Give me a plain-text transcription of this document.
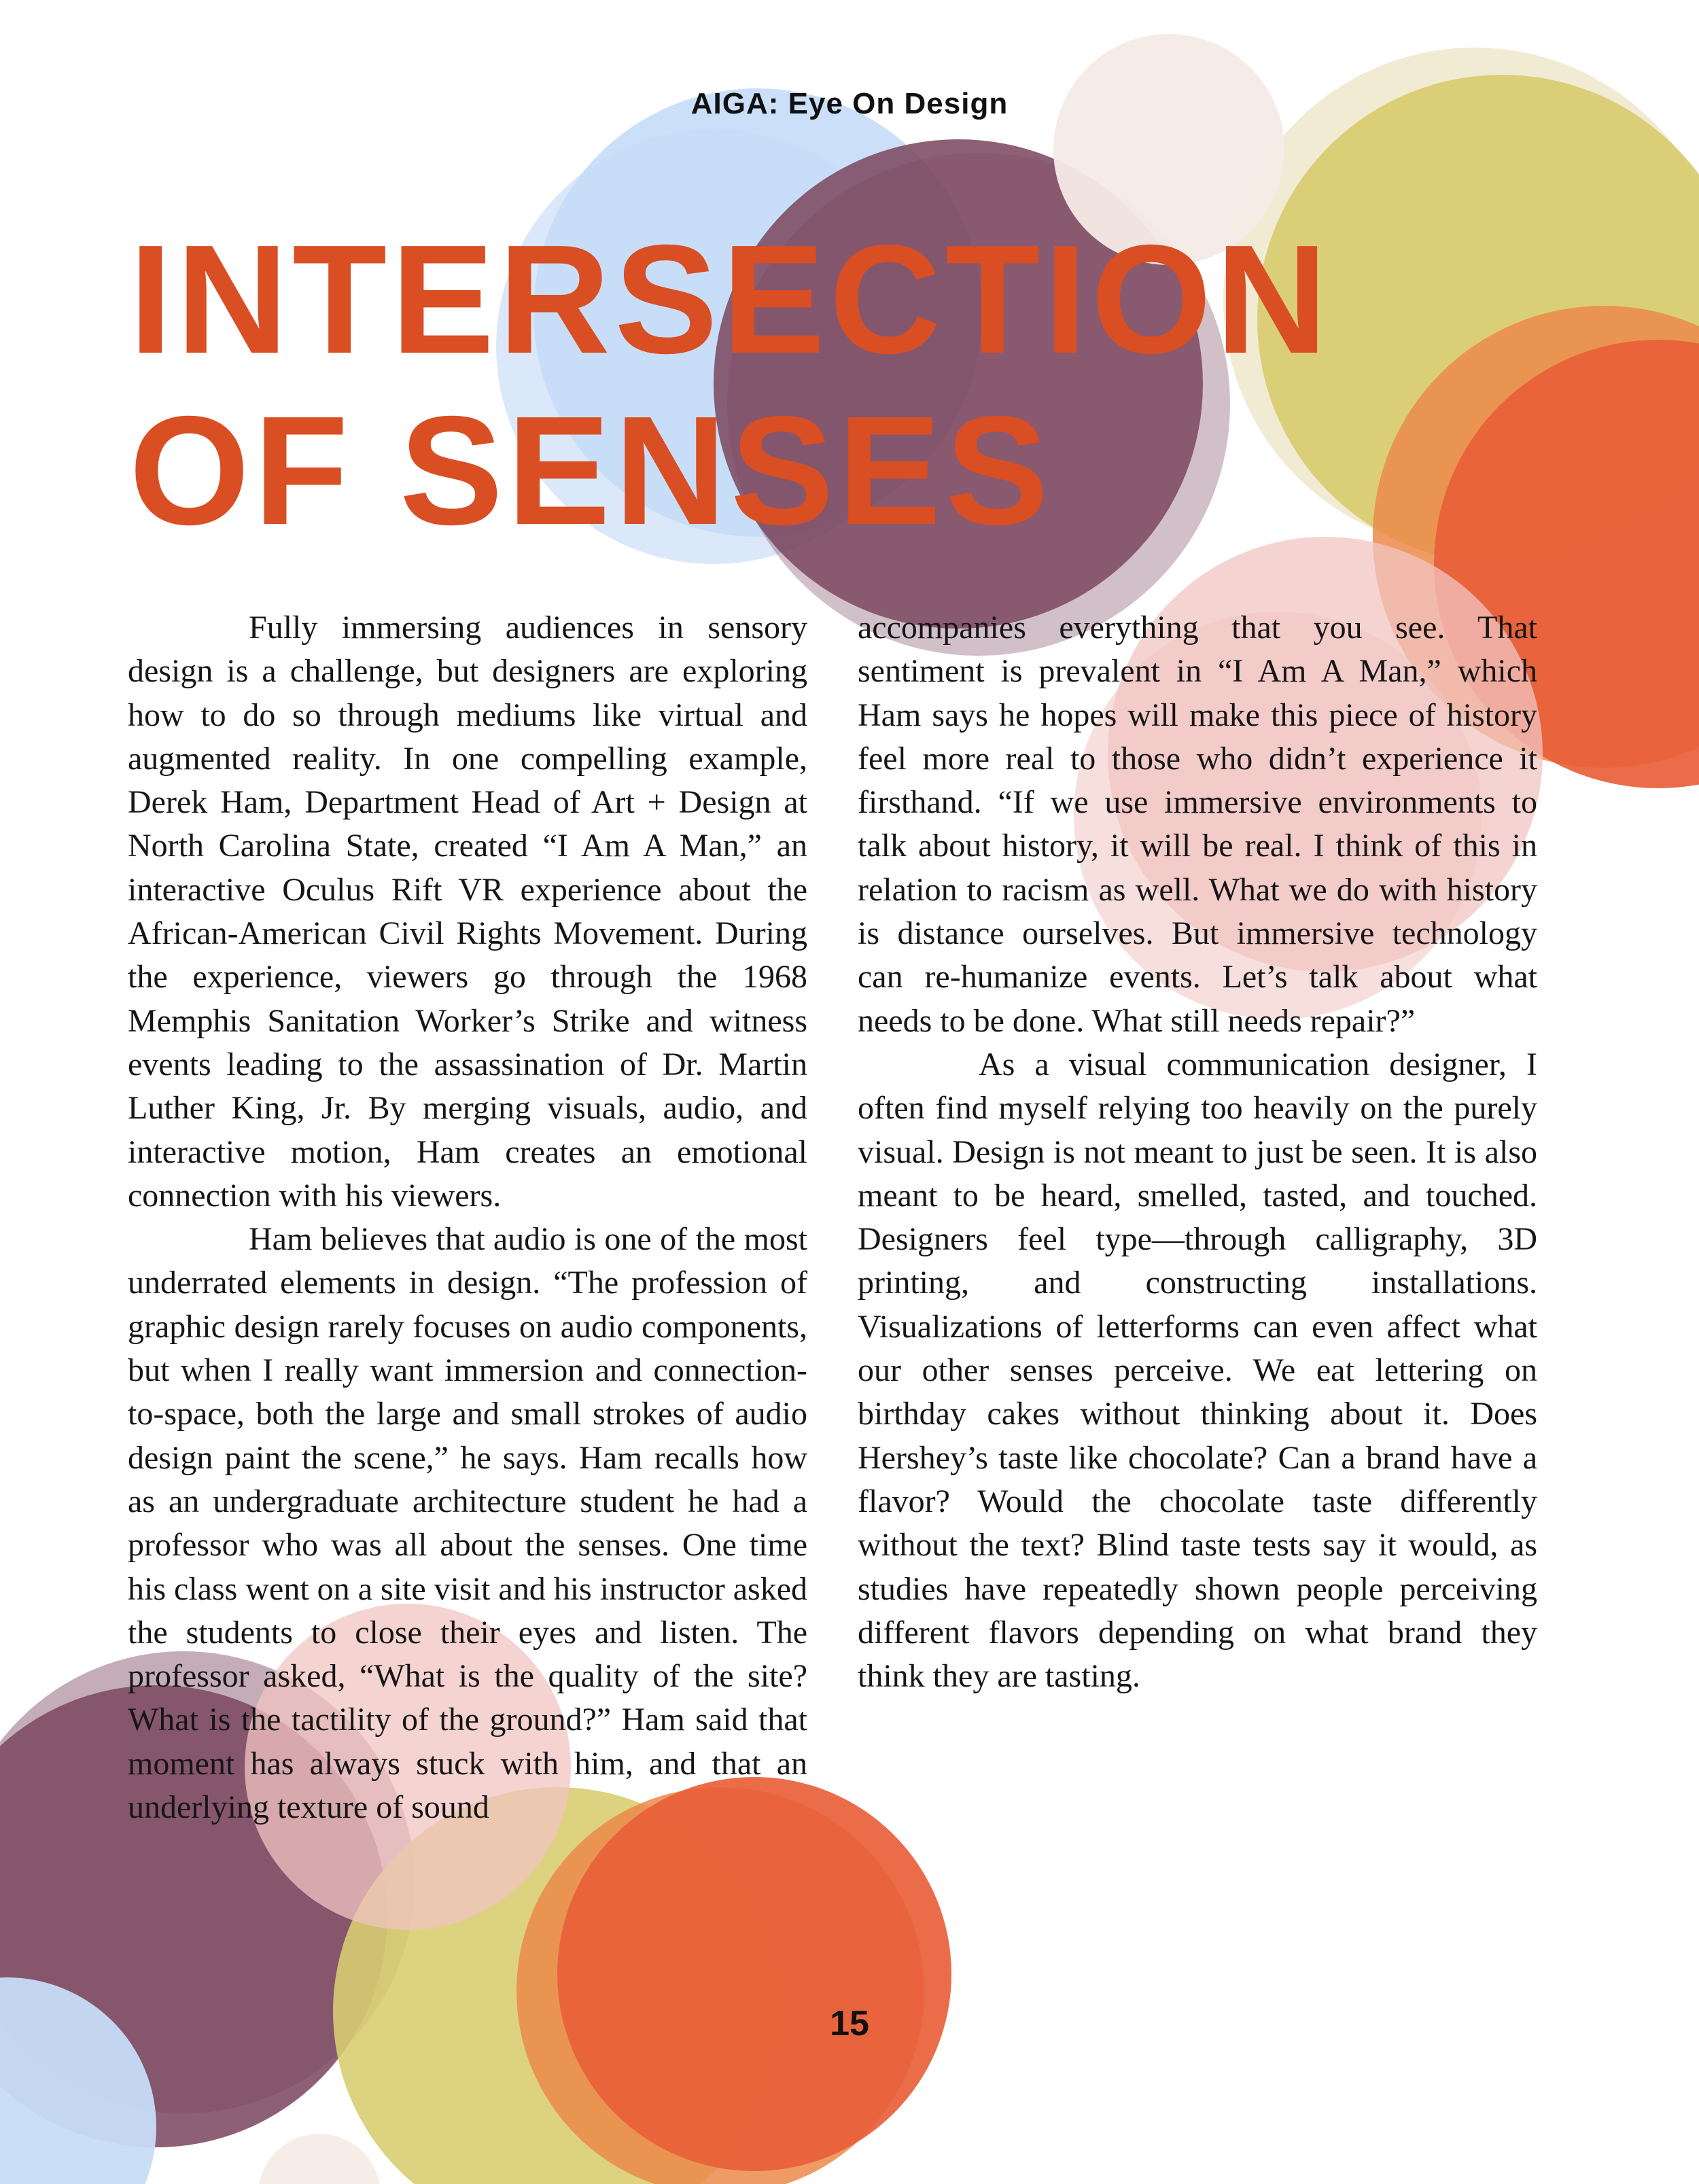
AIGA: Eye On Design
INTERSECTION
OF SENSES

Fully immersing audiences in sensory design is a challenge, but designers are exploring how to do so through mediums like virtual and augmented reality. In one compelling example, Derek Ham, Department Head of Art + Design at North Carolina State, created “I Am A Man,” an interactive Oculus Rift VR experience about the African-American Civil Rights Movement. During the experience, viewers go through the 1968 Memphis Sanitation Worker’s Strike and witness events leading to the assassination of Dr. Martin Luther King, Jr. By merging visuals, audio, and interactive motion, Ham creates an emotional connection with his viewers.

Ham believes that audio is one of the most underrated elements in design. “The profession of graphic design rarely focuses on audio components, but when I really want immersion and connection-to-space, both the large and small strokes of audio design paint the scene,” he says. Ham recalls how as an undergraduate architecture student he had a professor who was all about the senses. One time his class went on a site visit and his instructor asked the students to close their eyes and listen. The professor asked, “What is the quality of the site? What is the tactility of the ground?” Ham said that moment has always stuck with him, and that an underlying texture of sound

accompanies everything that you see. That sentiment is prevalent in “I Am A Man,” which Ham says he hopes will make this piece of history feel more real to those who didn’t experience it firsthand. “If we use immersive environments to talk about history, it will be real. I think of this in relation to racism as well. What we do with history is distance ourselves. But immersive technology can re-humanize events. Let’s talk about what needs to be done. What still needs repair?”

As a visual communication designer, I often find myself relying too heavily on the purely visual. Design is not meant to just be seen. It is also meant to be heard, smelled, tasted, and touched. Designers feel type—through calligraphy, 3D printing, and constructing installations. Visualizations of letterforms can even affect what our other senses perceive. We eat lettering on birthday cakes without thinking about it. Does Hershey’s taste like chocolate? Can a brand have a flavor? Would the chocolate taste differently without the text? Blind taste tests say it would, as studies have repeatedly shown people perceiving different flavors depending on what brand they think they are tasting.

15
